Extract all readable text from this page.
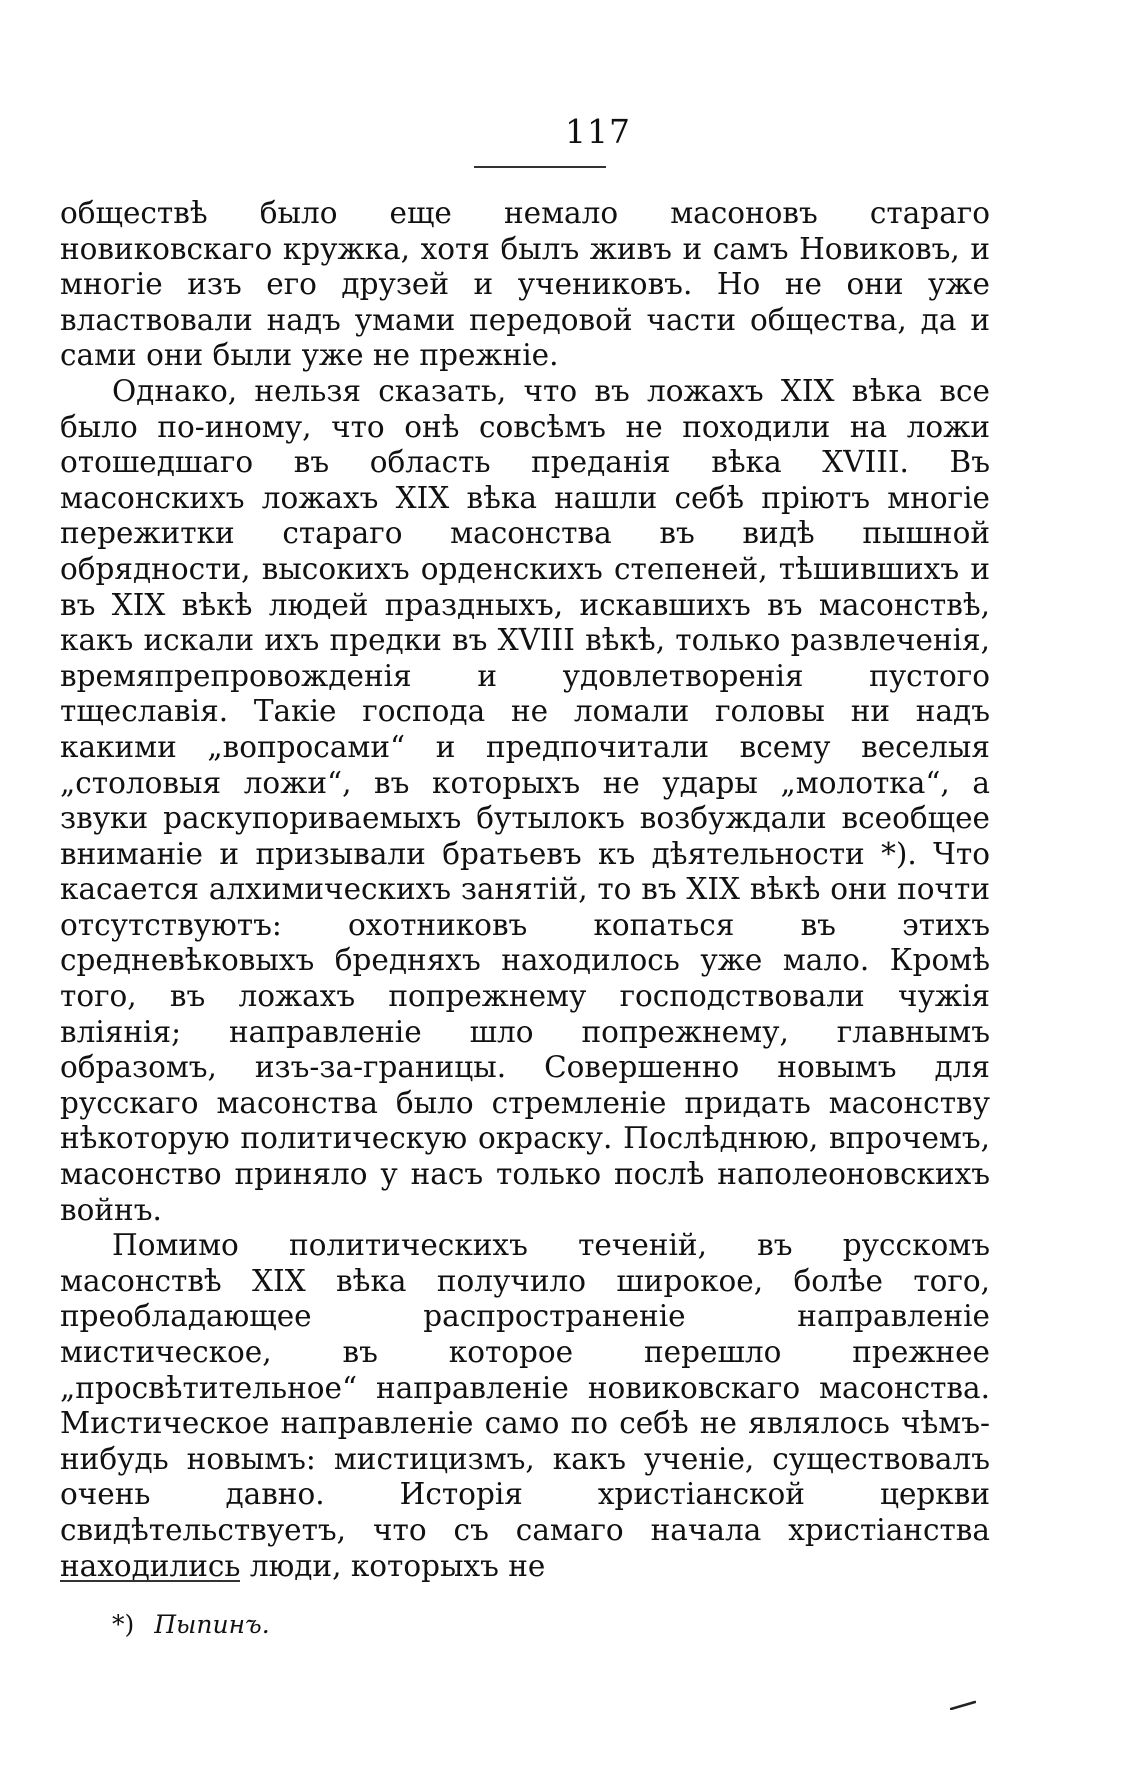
117

обществѣ было еще немало масоновъ стараго новиковскаго кружка, хотя былъ живъ и самъ Новиковъ, и многіе изъ его друзей и учениковъ. Но не они уже властвовали надъ умами передовой части общества, да и сами они были уже не прежніе.

Однако, нельзя сказать, что въ ложахъ XIX вѣка все было по-иному, что онѣ совсѣмъ не походили на ложи отошедшаго въ область преданія вѣка XVIII. Въ масонскихъ ложахъ XIX вѣка нашли себѣ пріютъ многіе пережитки стараго масонства въ видѣ пышной обрядности, высокихъ орденскихъ степеней, тѣшившихъ и въ XIX вѣкѣ людей праздныхъ, искавшихъ въ масонствѣ, какъ искали ихъ предки въ XVIII вѣкѣ, только развлеченія, времяпрепровожденія и удовлетворенія пустого тщеславія. Такіе господа не ломали головы ни надъ какими „вопросами“ и предпочитали всему веселыя „столовыя ложи“, въ которыхъ не удары „молотка“, а звуки раскупориваемыхъ бутылокъ возбуждали всеобщее вниманіе и призывали братьевъ къ дѣятельности *). Что касается алхимическихъ занятій, то въ XIX вѣкѣ они почти отсутствуютъ: охотниковъ копаться въ этихъ средневѣковыхъ бредняхъ находилось уже мало. Кромѣ того, въ ложахъ попрежнему господствовали чужія вліянія; направленіе шло попрежнему, главнымъ образомъ, изъ-за-границы. Совершенно новымъ для русскаго масонства было стремленіе придать масонству нѣкоторую политическую окраску. Послѣднюю, впрочемъ, масонство приняло у насъ только послѣ наполеоновскихъ войнъ.

Помимо политическихъ теченій, въ русскомъ масонствѣ XIX вѣка получило широкое, болѣе того, преобладающее распространеніе направленіе мистическое, въ которое перешло прежнее „просвѣтительное“ направленіе новиковскаго масонства. Мистическое направленіе само по себѣ не являлось чѣмъ-нибудь новымъ: мистицизмъ, какъ ученіе, существовалъ очень давно. Исторія христіанской церкви свидѣтельствуетъ, что съ самаго начала христіанства находились люди, которыхъ не

*) Пыпинъ.
